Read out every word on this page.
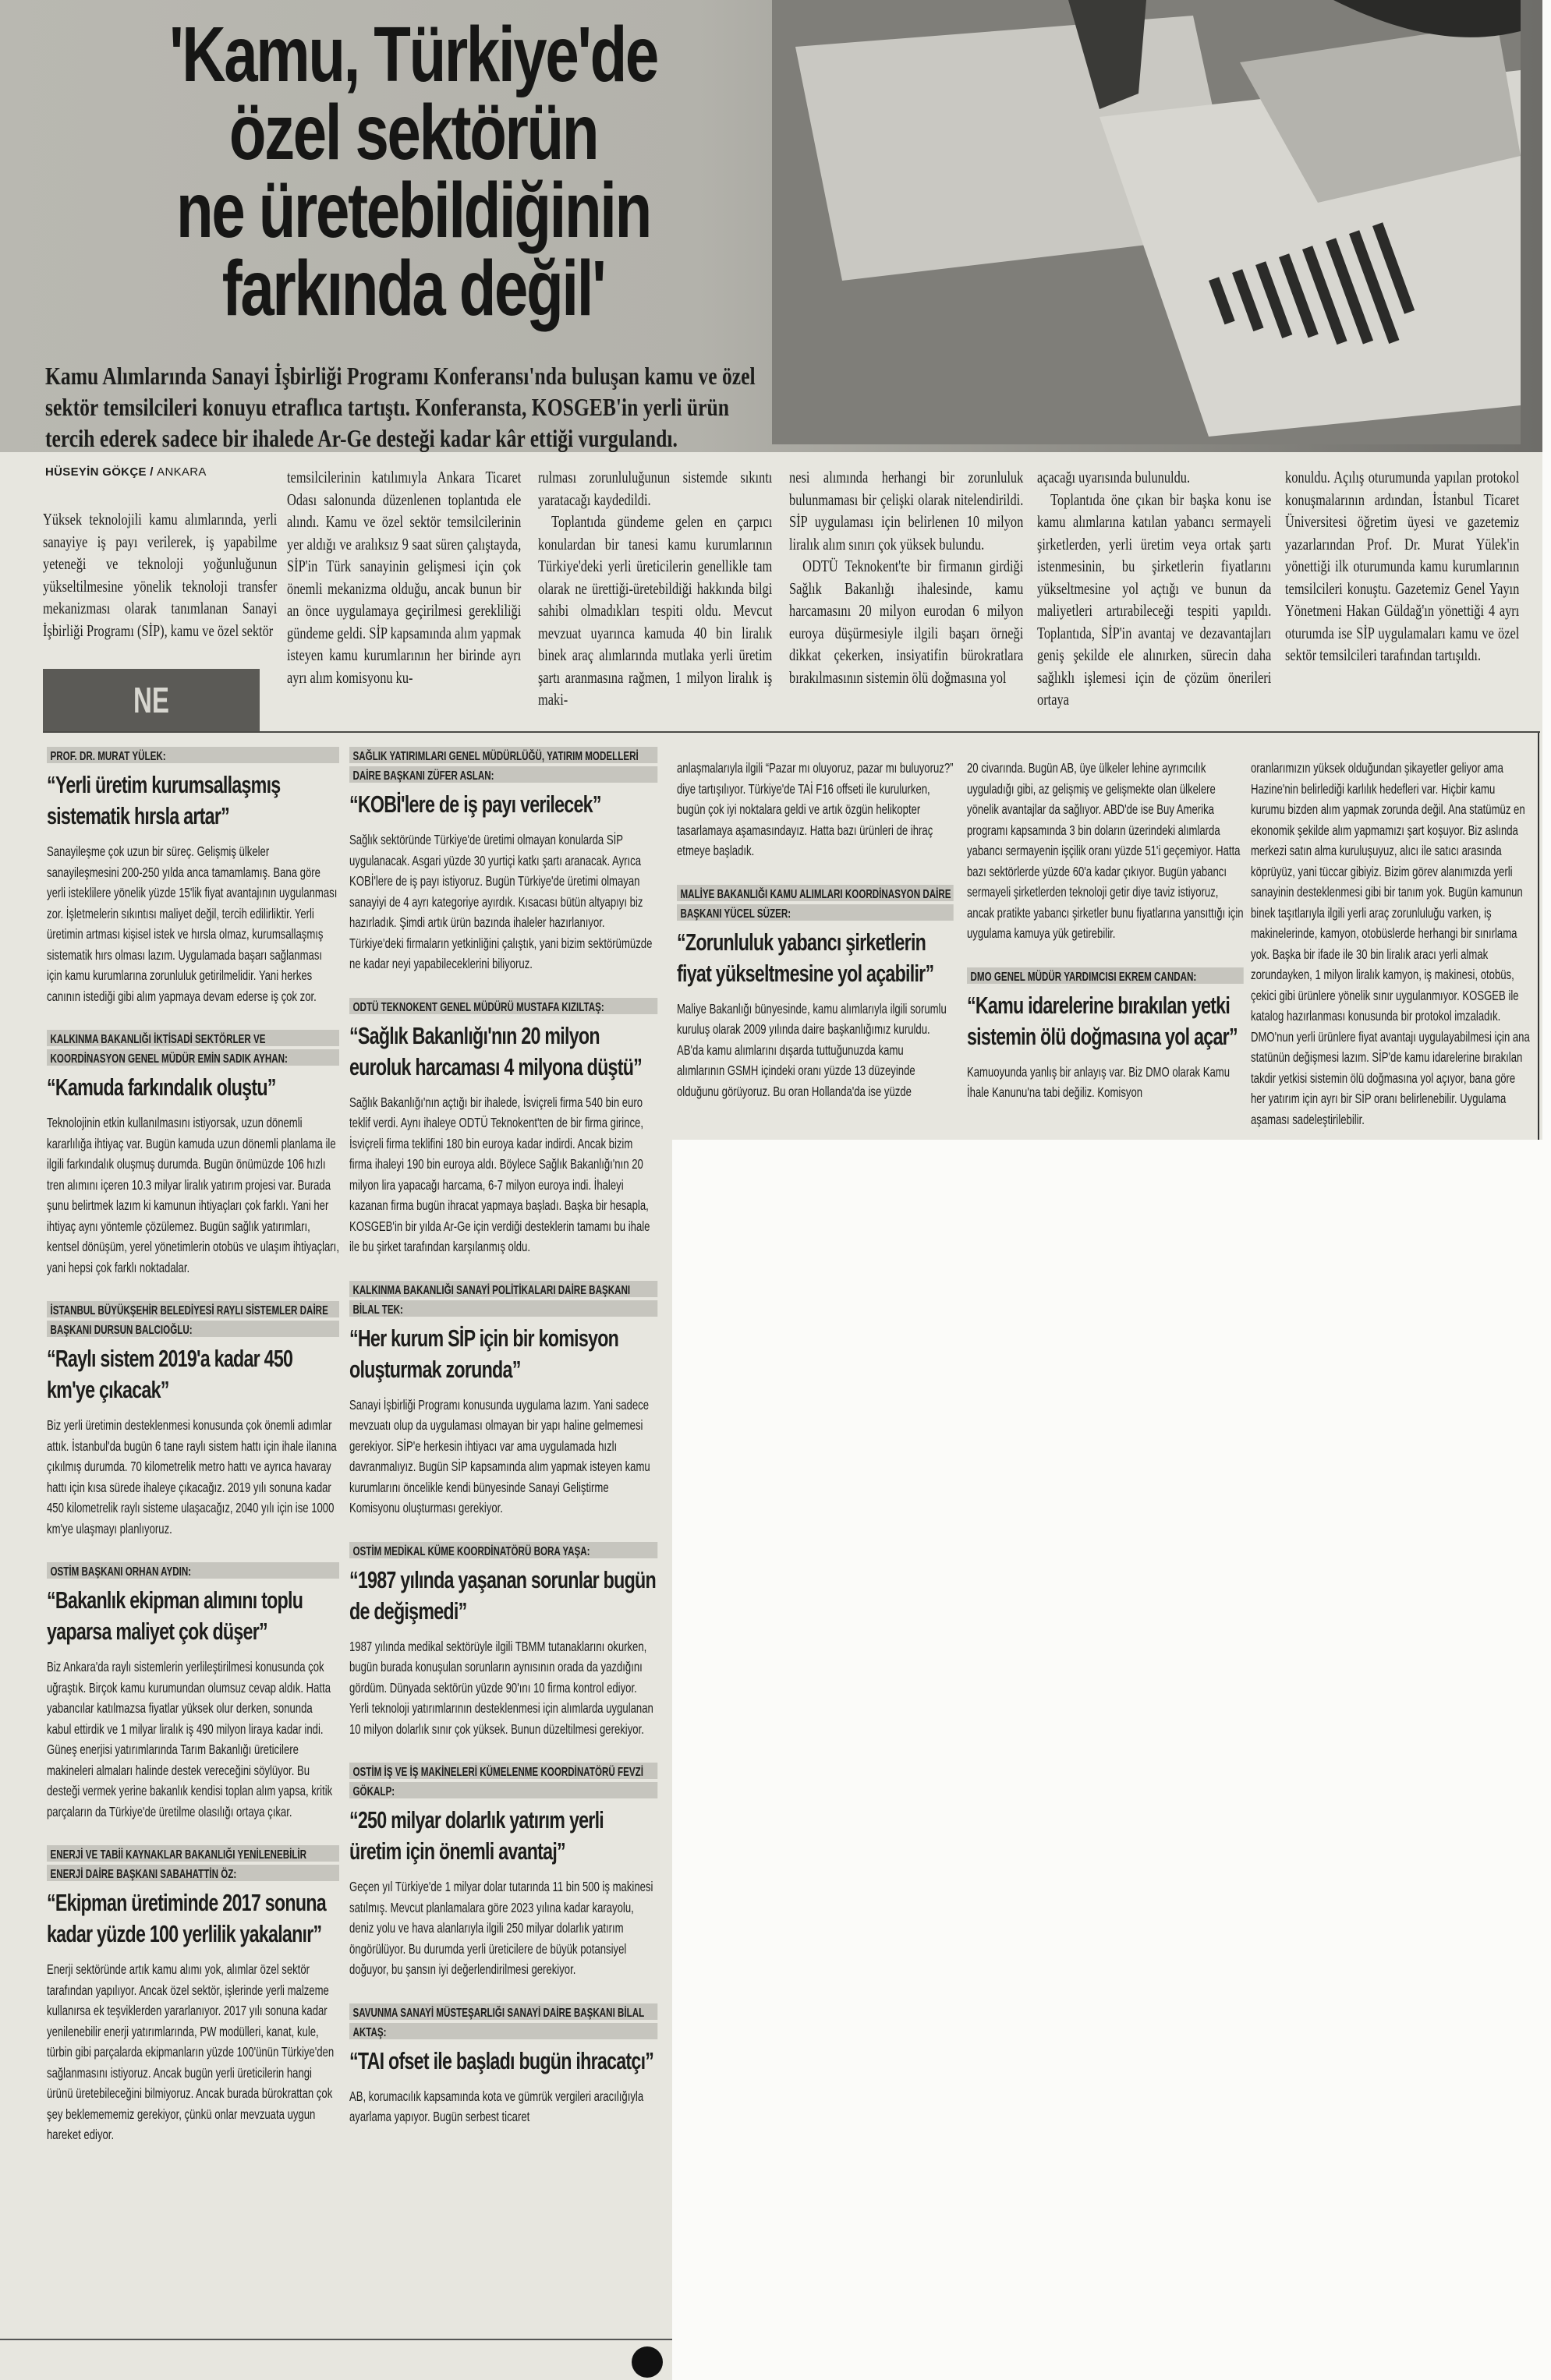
'Kamu, Türkiye'de
özel sektörün
ne üretebildiğinin
farkında değil'
Kamu Alımlarında Sanayi İşbirliği Programı Konferansı'nda buluşan kamu ve özel sektör temsilcileri konuyu etraflıca tartıştı. Konferansta, KOSGEB'in yerli ürün tercih ederek sadece bir ihalede Ar-Ge desteği kadar kâr ettiği vurgulandı.
HÜSEYİN GÖKÇE / ANKARA

Yüksek teknolojili kamu alımlarında, yerli sanayiye iş payı verilerek, iş yapabilme yeteneği ve teknoloji yoğunluğunun yükseltilmesine yönelik teknoloji transfer mekanizması olarak tanımlanan Sanayi İşbirliği Programı (SİP), kamu ve özel sektör

temsilcilerinin katılımıyla Ankara Ticaret Odası salonunda düzenlenen toplantıda ele alındı. Kamu ve özel sektör temsilcilerinin yer aldığı ve aralıksız 9 saat süren çalıştayda, SİP'in Türk sanayinin gelişmesi için çok önemli mekanizma olduğu, ancak bunun bir an önce uygulamaya geçirilmesi gerekliliği gündeme geldi. SİP kapsamında alım yapmak isteyen kamu kurumlarının her birinde ayrı ayrı alım komisyonu ku-

rulması zorunluluğunun sistemde sıkıntı yaratacağı kaydedildi.

Toplantıda gündeme gelen en çarpıcı konulardan bir tanesi kamu kurumlarının Türkiye'deki yerli üreticilerin genellikle tam olarak ne ürettiği-üretebildiği hakkında bilgi sahibi olmadıkları tespiti oldu. Mevcut mevzuat uyarınca kamuda 40 bin liralık binek araç alımlarında mutlaka yerli üretim şartı aranmasına rağmen, 1 milyon liralık iş maki-

nesi alımında herhangi bir zorunluluk bulunmaması bir çelişki olarak nitelendirildi. SİP uygulaması için belirlenen 10 milyon liralık alım sınırı çok yüksek bulundu.

ODTÜ Teknokent'te bir firmanın girdiği Sağlık Bakanlığı ihalesinde, kamu harcamasını 20 milyon eurodan 6 milyon euroya düşürmesiyle ilgili başarı örneği dikkat çekerken, insiyatifin bürokratlara bırakılmasının sistemin ölü doğmasına yol

açacağı uyarısında bulunuldu.

Toplantıda öne çıkan bir başka konu ise kamu alımlarına katılan yabancı sermayeli şirketlerden, yerli üretim veya ortak şartı istenmesinin, bu şirketlerin fiyatlarını yükseltmesine yol açtığı ve bunun da maliyetleri artırabileceği tespiti yapıldı. Toplantıda, SİP'in avantaj ve dezavantajları geniş şekilde ele alınırken, sürecin daha sağlıklı işlemesi için de çözüm önerileri ortaya

konuldu. Açılış oturumunda yapılan protokol konuşmalarının ardından, İstanbul Ticaret Üniversitesi öğretim üyesi ve gazetemiz yazarlarından Prof. Dr. Murat Yülek'in yönettiği ilk oturumunda kamu kurumlarının temsilcileri konuştu. Gazetemiz Genel Yayın Yönetmeni Hakan Güldağ'ın yönettiği 4 ayrı oturumda ise SİP uygulamaları kamu ve özel sektör temsilcileri tarafından tartışıldı.

NE
PROF. DR. MURAT YÜLEK:
“Yerli üretim kurumsallaşmış sistematik hırsla artar”

Sanayileşme çok uzun bir süreç. Gelişmiş ülkeler sanayileşmesini 200-250 yılda anca tamamlamış. Bana göre yerli isteklilere yönelik yüzde 15'lik fiyat avantajının uygulanması zor. İşletmelerin sıkıntısı maliyet değil, tercih edilirliktir. Yerli üretimin artması kişisel istek ve hırsla olmaz, kurumsallaşmış sistematik hırs olması lazım. Uygulamada başarı sağlanması için kamu kurumlarına zorunluluk getirilmelidir. Yani herkes canının istediği gibi alım yapmaya devam ederse iş çok zor.

KALKINMA BAKANLIĞI İKTİSADİ SEKTÖRLER VE KOORDİNASYON GENEL MÜDÜR EMİN SADIK AYHAN:
“Kamuda farkındalık oluştu”

Teknolojinin etkin kullanılmasını istiyorsak, uzun dönemli kararlılığa ihtiyaç var. Bugün kamuda uzun dönemli planlama ile ilgili farkındalık oluşmuş durumda. Bugün önümüzde 106 hızlı tren alımını içeren 10.3 milyar liralık yatırım projesi var. Burada şunu belirtmek lazım ki kamunun ihtiyaçları çok farklı. Yani her ihtiyaç aynı yöntemle çözülemez. Bugün sağlık yatırımları, kentsel dönüşüm, yerel yönetimlerin otobüs ve ulaşım ihtiyaçları, yani hepsi çok farklı noktadalar.

İSTANBUL BÜYÜKŞEHİR BELEDİYESİ RAYLI SİSTEMLER DAİRE BAŞKANI DURSUN BALCIOĞLU:
“Raylı sistem 2019'a kadar 450 km'ye çıkacak”

Biz yerli üretimin desteklenmesi konusunda çok önemli adımlar attık. İstanbul'da bugün 6 tane raylı sistem hattı için ihale ilanına çıkılmış durumda. 70 kilometrelik metro hattı ve ayrıca havaray hattı için kısa sürede ihaleye çıkacağız. 2019 yılı sonuna kadar 450 kilometrelik raylı sisteme ulaşacağız, 2040 yılı için ise 1000 km'ye ulaşmayı planlıyoruz.

OSTİM BAŞKANI ORHAN AYDIN:
“Bakanlık ekipman alımını toplu yaparsa maliyet çok düşer”

Biz Ankara'da raylı sistemlerin yerlileştirilmesi konusunda çok uğraştık. Birçok kamu kurumundan olumsuz cevap aldık. Hatta yabancılar katılmazsa fiyatlar yüksek olur derken, sonunda kabul ettirdik ve 1 milyar liralık iş 490 milyon liraya kadar indi. Güneş enerjisi yatırımlarında Tarım Bakanlığı üreticilere makineleri almaları halinde destek vereceğini söylüyor. Bu desteği vermek yerine bakanlık kendisi toplan alım yapsa, kritik parçaların da Türkiye'de üretilme olasılığı ortaya çıkar.

ENERJİ VE TABİİ KAYNAKLAR BAKANLIĞI YENİLENEBİLİR ENERJİ DAİRE BAŞKANI SABAHATTİN ÖZ:
“Ekipman üretiminde 2017 sonuna kadar yüzde 100 yerlilik yakalanır”

Enerji sektöründe artık kamu alımı yok, alımlar özel sektör tarafından yapılıyor. Ancak özel sektör, işlerinde yerli malzeme kullanırsa ek teşviklerden yararlanıyor. 2017 yılı sonuna kadar yenilenebilir enerji yatırımlarında, PW modülleri, kanat, kule, türbin gibi parçalarda ekipmanların yüzde 100'ünün Türkiye'den sağlanmasını istiyoruz. Ancak bugün yerli üreticilerin hangi ürünü üretebileceğini bilmiyoruz. Ancak burada bürokrattan çok şey beklemememiz gerekiyor, çünkü onlar mevzuata uygun hareket ediyor.

SAĞLIK YATIRIMLARI GENEL MÜDÜRLÜĞÜ, YATIRIM MODELLERİ DAİRE BAŞKANI ZÜFER ASLAN:
“KOBİ'lere de iş payı verilecek”

Sağlık sektöründe Türkiye'de üretimi olmayan konularda SİP uygulanacak. Asgari yüzde 30 yurtiçi katkı şartı aranacak. Ayrıca KOBİ'lere de iş payı istiyoruz. Bugün Türkiye'de üretimi olmayan sanayiyi de 4 ayrı kategoriye ayırdık. Kısacası bütün altyapıyı biz hazırladık. Şimdi artık ürün bazında ihaleler hazırlanıyor. Türkiye'deki firmaların yetkinliğini çalıştık, yani bizim sektörümüzde ne kadar neyi yapabileceklerini biliyoruz.

ODTÜ TEKNOKENT GENEL MÜDÜRÜ MUSTAFA KIZILTAŞ:
“Sağlık Bakanlığı'nın 20 milyon euroluk harcaması 4 milyona düştü”

Sağlık Bakanlığı'nın açtığı bir ihalede, İsviçreli firma 540 bin euro teklif verdi. Aynı ihaleye ODTÜ Teknokent'ten de bir firma girince, İsviçreli firma teklifini 180 bin euroya kadar indirdi. Ancak bizim firma ihaleyi 190 bin euroya aldı. Böylece Sağlık Bakanlığı'nın 20 milyon lira yapacağı harcama, 6-7 milyon euroya indi. İhaleyi kazanan firma bugün ihracat yapmaya başladı. Başka bir hesapla, KOSGEB'in bir yılda Ar-Ge için verdiği desteklerin tamamı bu ihale ile bu şirket tarafından karşılanmış oldu.

KALKINMA BAKANLIĞI SANAYİ POLİTİKALARI DAİRE BAŞKANI BİLAL TEK:
“Her kurum SİP için bir komisyon oluşturmak zorunda”

Sanayi İşbirliği Programı konusunda uygulama lazım. Yani sadece mevzuatı olup da uygulaması olmayan bir yapı haline gelmemesi gerekiyor. SİP'e herkesin ihtiyacı var ama uygulamada hızlı davranmalıyız. Bugün SİP kapsamında alım yapmak isteyen kamu kurumlarını öncelikle kendi bünyesinde Sanayi Geliştirme Komisyonu oluşturması gerekiyor.

OSTİM MEDİKAL KÜME KOORDİNATÖRÜ BORA YAŞA:
“1987 yılında yaşanan sorunlar bugün de değişmedi”

1987 yılında medikal sektörüyle ilgili TBMM tutanaklarını okurken, bugün burada konuşulan sorunların aynısının orada da yazdığını gördüm. Dünyada sektörün yüzde 90'ını 10 firma kontrol ediyor. Yerli teknoloji yatırımlarının desteklenmesi için alımlarda uygulanan 10 milyon dolarlık sınır çok yüksek. Bunun düzeltilmesi gerekiyor.

OSTİM İŞ VE İŞ MAKİNELERİ KÜMELENME KOORDİNATÖRÜ FEVZİ GÖKALP:
“250 milyar dolarlık yatırım yerli üretim için önemli avantaj”

Geçen yıl Türkiye'de 1 milyar dolar tutarında 11 bin 500 iş makinesi satılmış. Mevcut planlamalara göre 2023 yılına kadar karayolu, deniz yolu ve hava alanlarıyla ilgili 250 milyar dolarlık yatırım öngörülüyor. Bu durumda yerli üreticilere de büyük potansiyel doğuyor, bu şansın iyi değerlendirilmesi gerekiyor.

SAVUNMA SANAYİ MÜSTEŞARLIĞI SANAYİ DAİRE BAŞKANI BİLAL AKTAŞ:
“TAI ofset ile başladı bugün ihracatçı”

AB, korumacılık kapsamında kota ve gümrük vergileri aracılığıyla ayarlama yapıyor. Bugün serbest ticaret

anlaşmalarıyla ilgili “Pazar mı oluyoruz, pazar mı buluyoruz?” diye tartışılıyor. Türkiye'de TAİ F16 offseti ile kurulurken, bugün çok iyi noktalara geldi ve artık özgün helikopter tasarlamaya aşamasındayız. Hatta bazı ürünleri de ihraç etmeye başladık.

MALİYE BAKANLIĞI KAMU ALIMLARI KOORDİNASYON DAİRE BAŞKANI YÜCEL SÜZER:
“Zorunluluk yabancı şirketlerin fiyat yükseltmesine yol açabilir”

Maliye Bakanlığı bünyesinde, kamu alımlarıyla ilgili sorumlu kuruluş olarak 2009 yılında daire başkanlığımız kuruldu. AB'da kamu alımlarını dışarda tuttuğunuzda kamu alımlarının GSMH içindeki oranı yüzde 13 düzeyinde olduğunu görüyoruz. Bu oran Hollanda'da ise yüzde

20 civarında. Bugün AB, üye ülkeler lehine ayrımcılık uyguladığı gibi, az gelişmiş ve gelişmekte olan ülkelere yönelik avantajlar da sağlıyor. ABD'de ise Buy Amerika programı kapsamında 3 bin doların üzerindeki alımlarda yabancı sermayenin işçilik oranı yüzde 51'i geçemiyor. Hatta bazı sektörlerde yüzde 60'a kadar çıkıyor. Bugün yabancı sermayeli şirketlerden teknoloji getir diye taviz istiyoruz, ancak pratikte yabancı şirketler bunu fiyatlarına yansıttığı için uygulama kamuya yük getirebilir.

DMO GENEL MÜDÜR YARDIMCISI EKREM CANDAN:
“Kamu idarelerine bırakılan yetki sistemin ölü doğmasına yol açar”

Kamuoyunda yanlış bir anlayış var. Biz DMO olarak Kamu İhale Kanunu'na tabi değiliz. Komisyon

oranlarımızın yüksek olduğundan şikayetler geliyor ama Hazine'nin belirlediği karlılık hedefleri var. Hiçbir kamu kurumu bizden alım yapmak zorunda değil. Ana statümüz en ekonomik şekilde alım yapmamızı şart koşuyor. Biz aslında merkezi satın alma kuruluşuyuz, alıcı ile satıcı arasında köprüyüz, yani tüccar gibiyiz. Bizim görev alanımızda yerli sanayinin desteklenmesi gibi bir tanım yok. Bugün kamunun binek taşıtlarıyla ilgili yerli araç zorunluluğu varken, iş makinelerinde, kamyon, otobüslerde herhangi bir sınırlama yok. Başka bir ifade ile 30 bin liralık aracı yerli almak zorundayken, 1 milyon liralık kamyon, iş makinesi, otobüs, çekici gibi ürünlere yönelik sınır uygulanmıyor. KOSGEB ile katalog hazırlanması konusunda bir protokol imzaladık. DMO'nun yerli ürünlere fiyat avantajı uygulayabilmesi için ana statünün değişmesi lazım. SİP'de kamu idarelerine bırakılan takdir yetkisi sistemin ölü doğmasına yol açıyor, bana göre her yatırım için ayrı bir SİP oranı belirlenebilir. Uygulama aşaması sadeleştirilebilir.
